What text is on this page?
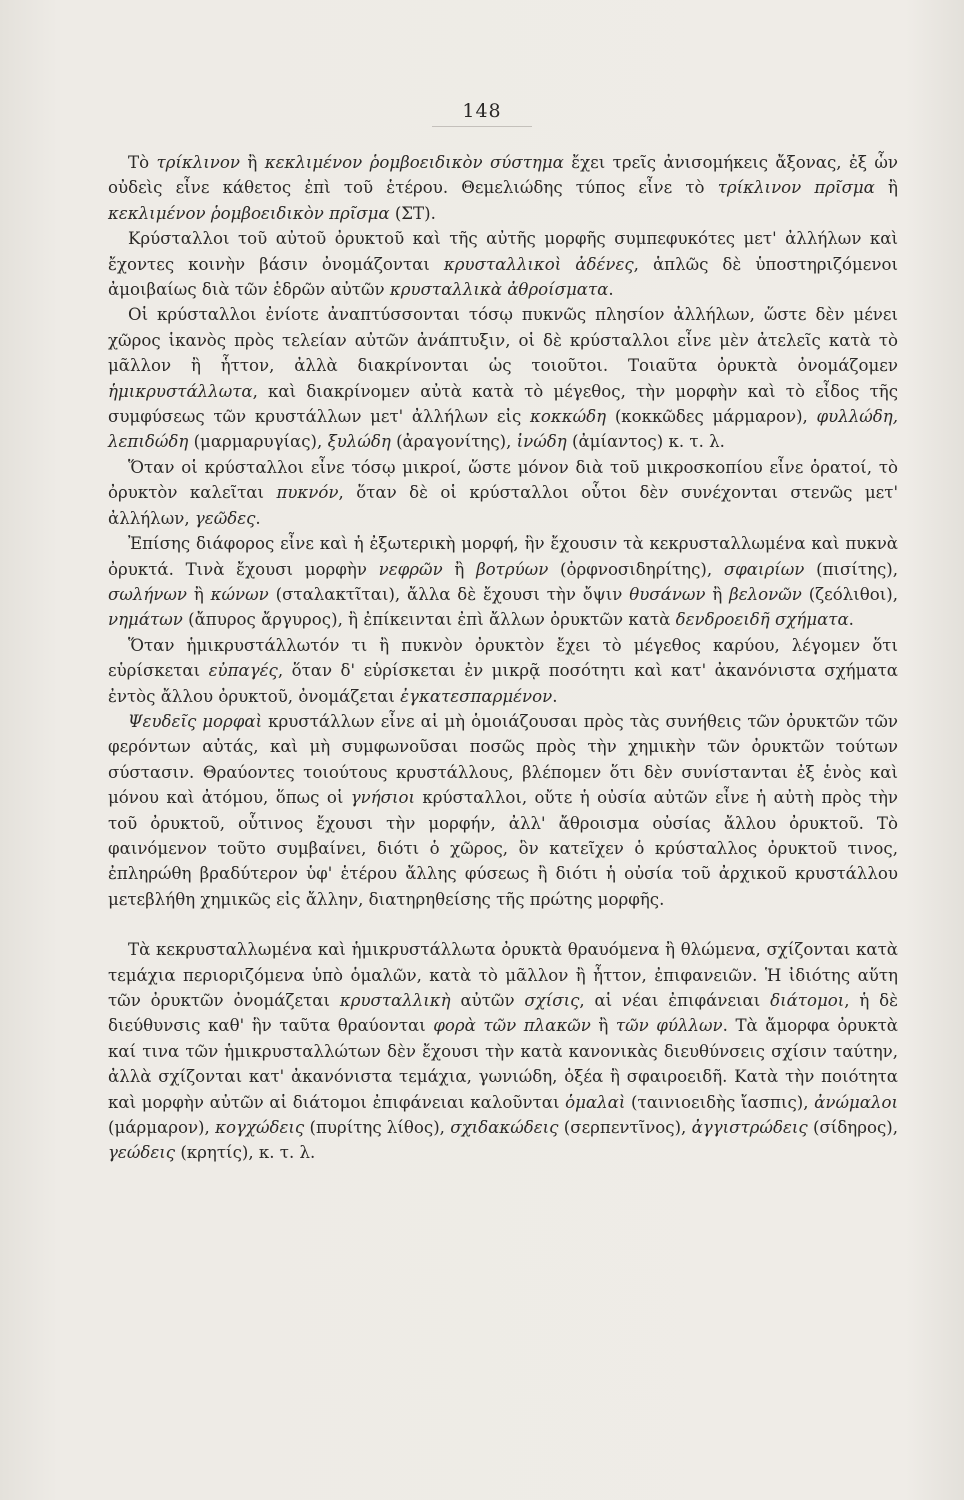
148

Τὸ τρίκλινον ἢ κεκλιμένον ῥομβοειδικὸν σύστημα ἔχει τρεῖς ἀνισομήκεις ἄξονας, ἐξ ὧν οὐδεὶς εἶνε κάθετος ἐπὶ τοῦ ἑτέρου. Θεμελιώδης τύπος εἶνε τὸ τρίκλινον πρῖσμα ἢ κεκλιμένον ῥομβοειδικὸν πρῖσμα (ΣΤ).

Κρύσταλλοι τοῦ αὐτοῦ ὀρυκτοῦ καὶ τῆς αὐτῆς μορφῆς συμπεφυκότες μετ' ἀλλήλων καὶ ἔχοντες κοινὴν βάσιν ὀνομάζονται κρυσταλλικοὶ ἀδένες, ἁπλῶς δὲ ὑποστηριζόμενοι ἀμοιβαίως διὰ τῶν ἑδρῶν αὐτῶν κρυσταλλικὰ ἀθροίσματα.

Οἱ κρύσταλλοι ἐνίοτε ἀναπτύσσονται τόσῳ πυκνῶς πλησίον ἀλλήλων, ὥστε δὲν μένει χῶρος ἱκανὸς πρὸς τελείαν αὐτῶν ἀνάπτυξιν, οἱ δὲ κρύσταλλοι εἶνε μὲν ἀτελεῖς κατὰ τὸ μᾶλλον ἢ ἧττον, ἀλλὰ διακρίνονται ὡς τοιοῦτοι. Τοιαῦτα ὀρυκτὰ ὀνομάζομεν ἡμικρυστάλλωτα, καὶ διακρίνομεν αὐτὰ κατὰ τὸ μέγεθος, τὴν μορφὴν καὶ τὸ εἶδος τῆς συμφύσεως τῶν κρυστάλλων μετ' ἀλλήλων εἰς κοκκώδη (κοκκῶδες μάρμαρον), φυλλώδη, λεπιδώδη (μαρμαρυγίας), ξυλώδη (ἀραγονίτης), ἰνώδη (ἀμίαντος) κ. τ. λ.

Ὅταν οἱ κρύσταλλοι εἶνε τόσῳ μικροί, ὥστε μόνον διὰ τοῦ μικροσκοπίου εἶνε ὁρατοί, τὸ ὀρυκτὸν καλεῖται πυκνόν, ὅταν δὲ οἱ κρύσταλλοι οὗτοι δὲν συνέχονται στενῶς μετ' ἀλλήλων, γεῶδες.

Ἐπίσης διάφορος εἶνε καὶ ἡ ἐξωτερικὴ μορφή, ἣν ἔχουσιν τὰ κεκρυσταλλωμένα καὶ πυκνὰ ὀρυκτά. Τινὰ ἔχουσι μορφὴν νεφρῶν ἢ βοτρύων (ὀρφνοσιδηρίτης), σφαιρίων (πισίτης), σωλήνων ἢ κώνων (σταλακτῖται), ἄλλα δὲ ἔχουσι τὴν ὄψιν θυσάνων ἢ βελονῶν (ζεόλιθοι), νημάτων (ἄπυρος ἄργυρος), ἢ ἐπίκεινται ἐπὶ ἄλλων ὀρυκτῶν κατὰ δενδροειδῆ σχήματα.

Ὅταν ἡμικρυστάλλωτόν τι ἢ πυκνὸν ὀρυκτὸν ἔχει τὸ μέγεθος καρύου, λέγομεν ὅτι εὑρίσκεται εὐπαγές, ὅταν δ' εὑρίσκεται ἐν μικρᾷ ποσότητι καὶ κατ' ἀκανόνιστα σχήματα ἐντὸς ἄλλου ὀρυκτοῦ, ὀνομάζεται ἐγκατεσπαρμένον.

Ψευδεῖς μορφαὶ κρυστάλλων εἶνε αἱ μὴ ὁμοιάζουσαι πρὸς τὰς συνήθεις τῶν ὀρυκτῶν τῶν φερόντων αὐτάς, καὶ μὴ συμφωνοῦσαι ποσῶς πρὸς τὴν χημικὴν τῶν ὀρυκτῶν τούτων σύστασιν. Θραύοντες τοιούτους κρυστάλλους, βλέπομεν ὅτι δὲν συνίστανται ἐξ ἑνὸς καὶ μόνου καὶ ἀτόμου, ὅπως οἱ γνήσιοι κρύσταλλοι, οὔτε ἡ οὐσία αὐτῶν εἶνε ἡ αὐτὴ πρὸς τὴν τοῦ ὀρυκτοῦ, οὗτινος ἔχουσι τὴν μορφήν, ἀλλ' ἄθροισμα οὐσίας ἄλλου ὀρυκτοῦ. Τὸ φαινόμενον τοῦτο συμβαίνει, διότι ὁ χῶρος, ὃν κατεῖχεν ὁ κρύσταλλος ὀρυκτοῦ τινος, ἐπληρώθη βραδύτερον ὑφ' ἑτέρου ἄλλης φύσεως ἢ διότι ἡ οὐσία τοῦ ἀρχικοῦ κρυστάλλου μετεβλήθη χημικῶς εἰς ἄλλην, διατηρηθείσης τῆς πρώτης μορφῆς.

Τὰ κεκρυσταλλωμένα καὶ ἡμικρυστάλλωτα ὀρυκτὰ θραυόμενα ἢ θλώμενα, σχίζονται κατὰ τεμάχια περιοριζόμενα ὑπὸ ὁμαλῶν, κατὰ τὸ μᾶλλον ἢ ἧττον, ἐπιφανειῶν. Ἡ ἰδιότης αὕτη τῶν ὀρυκτῶν ὀνομάζεται κρυσταλλικὴ αὐτῶν σχίσις, αἱ νέαι ἐπιφάνειαι διάτομοι, ἡ δὲ διεύθυνσις καθ' ἣν ταῦτα θραύονται φορὰ τῶν πλακῶν ἢ τῶν φύλλων. Τὰ ἄμορφα ὀρυκτὰ καί τινα τῶν ἡμικρυσταλλώτων δὲν ἔχουσι τὴν κατὰ κανονικὰς διευθύνσεις σχίσιν ταύτην, ἀλλὰ σχίζονται κατ' ἀκανόνιστα τεμάχια, γωνιώδη, ὀξέα ἢ σφαιροειδῆ. Κατὰ τὴν ποιότητα καὶ μορφὴν αὐτῶν αἱ διάτομοι ἐπιφάνειαι καλοῦνται ὁμαλαὶ (ταινιοειδὴς ἴασπις), ἀνώμαλοι (μάρμαρον), κογχώδεις (πυρίτης λίθος), σχιδακώδεις (σερπεντῖνος), ἀγγιστρώδεις (σίδηρος), γεώδεις (κρητίς), κ. τ. λ.
